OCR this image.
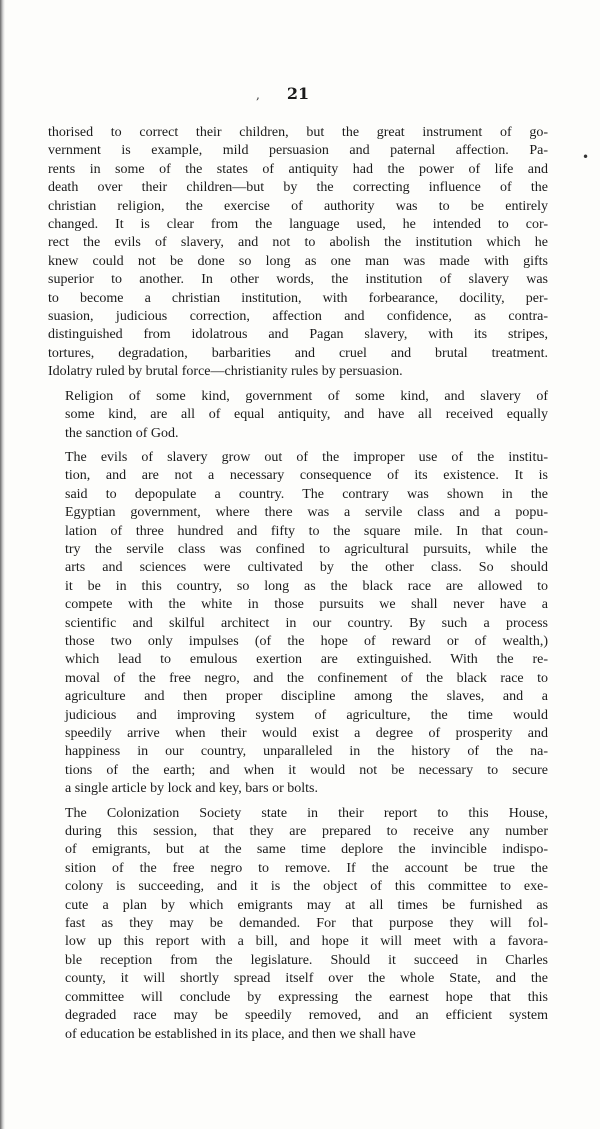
,
•
21
thorised to correct their children, but the great instrument of go-
vernment is example, mild persuasion and paternal affection. Pa-
rents in some of the states of antiquity had the power of life and
death over their children—but by the correcting influence of the
christian religion, the exercise of authority was to be entirely
changed. It is clear from the language used, he intended to cor-
rect the evils of slavery, and not to abolish the institution which he
knew could not be done so long as one man was made with gifts
superior to another. In other words, the institution of slavery was
to become a christian institution, with forbearance, docility, per-
suasion, judicious correction, affection and confidence, as contra-
distinguished from idolatrous and Pagan slavery, with its stripes,
tortures, degradation, barbarities and cruel and brutal treatment.
Idolatry ruled by brutal force—christianity rules by persuasion.
Religion of some kind, government of some kind, and slavery of
some kind, are all of equal antiquity, and have all received equally
the sanction of God.
The evils of slavery grow out of the improper use of the institu-
tion, and are not a necessary consequence of its existence. It is
said to depopulate a country. The contrary was shown in the
Egyptian government, where there was a servile class and a popu-
lation of three hundred and fifty to the square mile. In that coun-
try the servile class was confined to agricultural pursuits, while the
arts and sciences were cultivated by the other class. So should
it be in this country, so long as the black race are allowed to
compete with the white in those pursuits we shall never have a
scientific and skilful architect in our country. By such a process
those two only impulses (of the hope of reward or of wealth,)
which lead to emulous exertion are extinguished. With the re-
moval of the free negro, and the confinement of the black race to
agriculture and then proper discipline among the slaves, and a
judicious and improving system of agriculture, the time would
speedily arrive when their would exist a degree of prosperity and
happiness in our country, unparalleled in the history of the na-
tions of the earth; and when it would not be necessary to secure
a single article by lock and key, bars or bolts.
The Colonization Society state in their report to this House,
during this session, that they are prepared to receive any number
of emigrants, but at the same time deplore the invincible indispo-
sition of the free negro to remove. If the account be true the
colony is succeeding, and it is the object of this committee to exe-
cute a plan by which emigrants may at all times be furnished as
fast as they may be demanded. For that purpose they will fol-
low up this report with a bill, and hope it will meet with a favora-
ble reception from the legislature. Should it succeed in Charles
county, it will shortly spread itself over the whole State, and the
committee will conclude by expressing the earnest hope that this
degraded race may be speedily removed, and an efficient system
of education be established in its place, and then we shall have
